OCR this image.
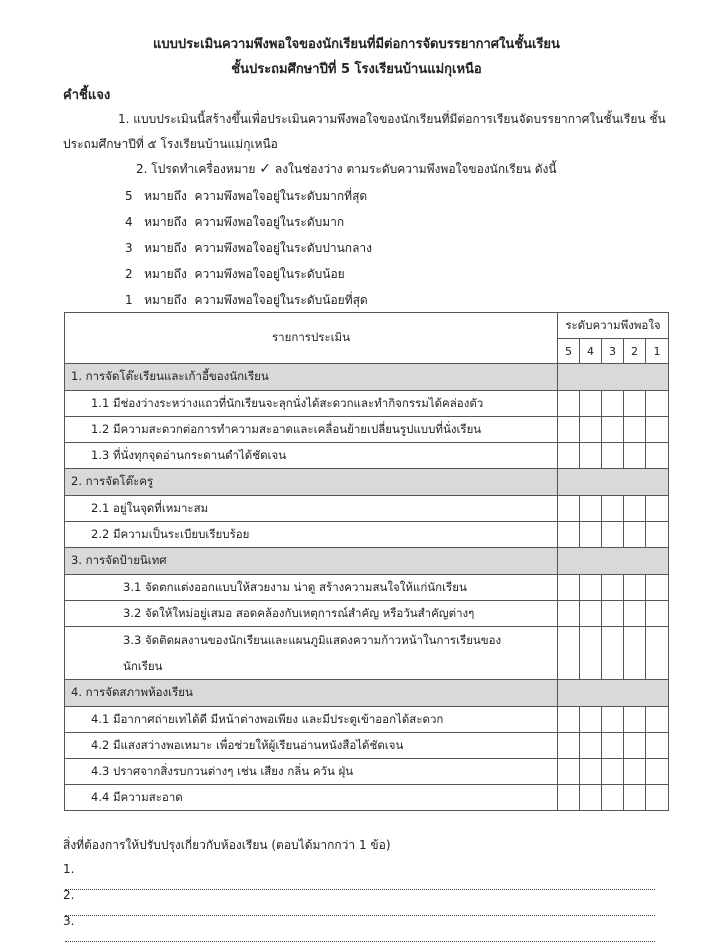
แบบประเมินความพึงพอใจของนักเรียนที่มีต่อการจัดบรรยากาศในชั้นเรียน
ชั้นประถมศึกษาปีที่ 5 โรงเรียนบ้านแม่กุเหนือ
คำชี้แจง
1. แบบประเมินนี้สร้างขึ้นเพื่อประเมินความพึงพอใจของนักเรียนที่มีต่อการเรียนจัดบรรยากาศในชั้นเรียน ชั้น
ประถมศึกษาปีที่ ๕ โรงเรียนบ้านแม่กุเหนือ
2. โปรดทำเครื่องหมาย ✓ ลงในช่องว่าง ตามระดับความพึงพอใจของนักเรียน ดังนี้
5 หมายถึง ความพึงพอใจอยู่ในระดับมากที่สุด
4 หมายถึง ความพึงพอใจอยู่ในระดับมาก
3 หมายถึง ความพึงพอใจอยู่ในระดับปานกลาง
2 หมายถึง ความพึงพอใจอยู่ในระดับน้อย
1 หมายถึง ความพึงพอใจอยู่ในระดับน้อยที่สุด
รายการประเมิน	ระดับความพึงพอใจ				
	5	4	3	2	1
1. การจัดโต๊ะเรียนและเก้าอี้ของนักเรียน					
1.1 มีช่องว่างระหว่างแถวที่นักเรียนจะลุกนั่งได้สะดวกและทำกิจกรรมได้คล่องตัว					
1.2 มีความสะดวกต่อการทำความสะอาดและเคลื่อนย้ายเปลี่ยนรูปแบบที่นั่งเรียน					
1.3 ที่นั่งทุกจุดอ่านกระดานดำได้ชัดเจน					
2. การจัดโต๊ะครู					
2.1 อยู่ในจุดที่เหมาะสม					
2.2 มีความเป็นระเบียบเรียบร้อย					
3. การจัดป้ายนิเทศ					
3.1 จัดตกแต่งออกแบบให้สวยงาม น่าดู สร้างความสนใจให้แก่นักเรียน					
3.2 จัดให้ใหม่อยู่เสมอ สอดคล้องกับเหตุการณ์สำคัญ หรือวันสำคัญต่างๆ					
3.3 จัดติดผลงานของนักเรียนและแผนภูมิแสดงความก้าวหน้าในการเรียนของ นักเรียน					
4. การจัดสภาพห้องเรียน					
4.1 มีอากาศถ่ายเทได้ดี มีหน้าต่างพอเพียง และมีประตูเข้าออกได้สะดวก					
4.2 มีแสงสว่างพอเหมาะ เพื่อช่วยให้ผู้เรียนอ่านหนังสือได้ชัดเจน					
4.3 ปราศจากสิ่งรบกวนต่างๆ เช่น เสียง กลิ่น ควัน ฝุ่น					
4.4 มีความสะอาด					
สิ่งที่ต้องการให้ปรับปรุงเกี่ยวกับห้องเรียน (ตอบได้มากกว่า 1 ข้อ)
1.
2.
3.
